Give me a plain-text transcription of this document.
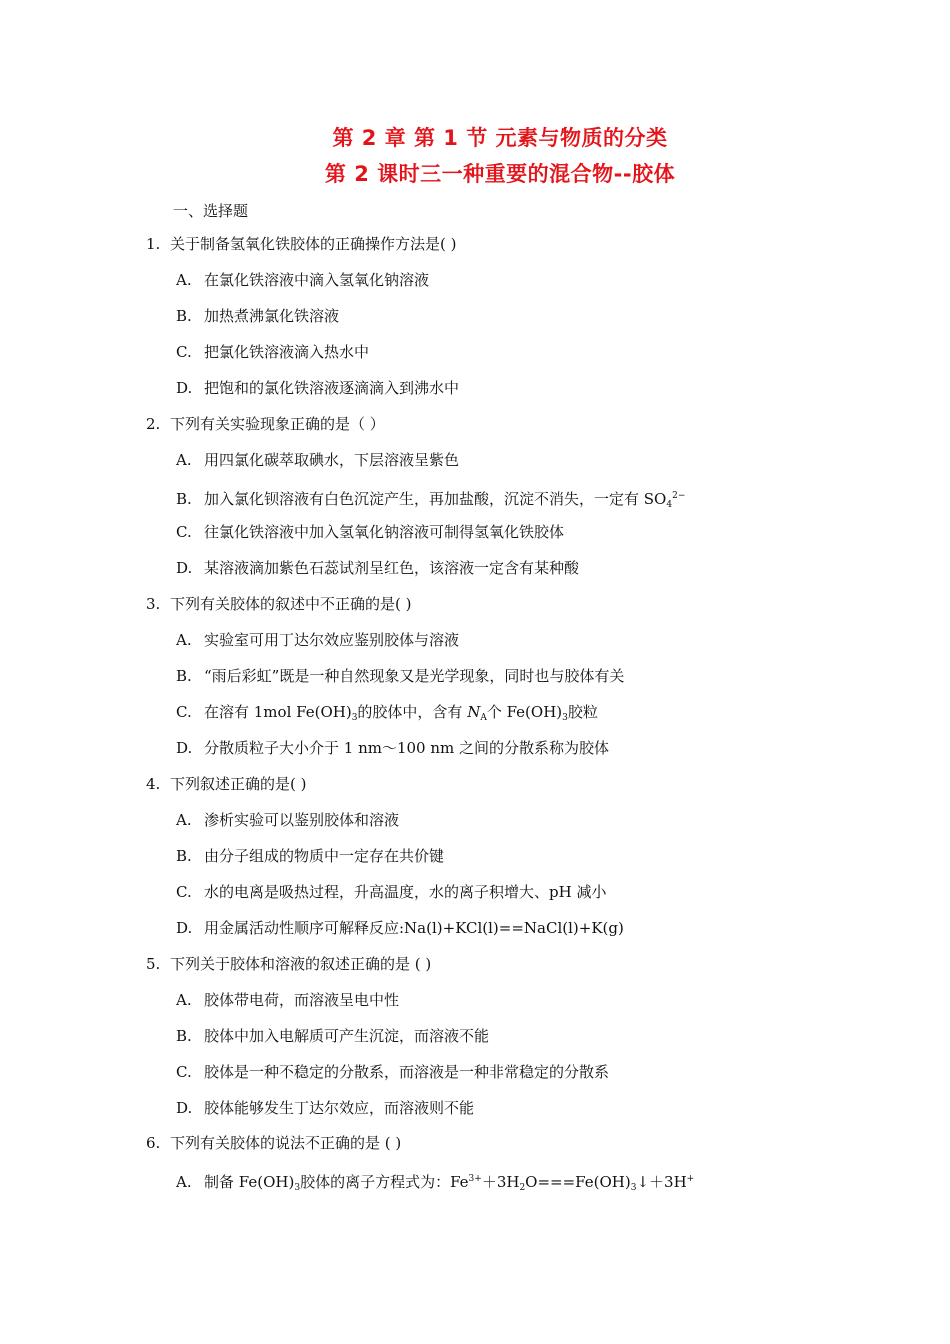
第 2 章 第 1 节 元素与物质的分类
第 2 课时三一种重要的混合物--胶体
一、选择题
1. 关于制备氢氧化铁胶体的正确操作方法是( )
A. 在氯化铁溶液中滴入氢氧化钠溶液
B. 加热煮沸氯化铁溶液
C. 把氯化铁溶液滴入热水中
D. 把饱和的氯化铁溶液逐滴滴入到沸水中
2. 下列有关实验现象正确的是（ ）
A. 用四氯化碳萃取碘水，下层溶液呈紫色
B. 加入氯化钡溶液有白色沉淀产生，再加盐酸，沉淀不消失，一定有 $SO_4^{2-}$
C. 往氯化铁溶液中加入氢氧化钠溶液可制得氢氧化铁胶体
D. 某溶液滴加紫色石蕊试剂呈红色，该溶液一定含有某种酸
3. 下列有关胶体的叙述中不正确的是( )
A. 实验室可用丁达尔效应鉴别胶体与溶液
B. “雨后彩虹”既是一种自然现象又是光学现象，同时也与胶体有关
C. 在溶有 1mol $Fe(OH)_3$的胶体中，含有 $N_A$个 $Fe(OH)_3$胶粒
D. 分散质粒子大小介于 1 nm～100 nm 之间的分散系称为胶体
4. 下列叙述正确的是( )
A. 渗析实验可以鉴别胶体和溶液
B. 由分子组成的物质中一定存在共价键
C. 水的电离是吸热过程，升高温度，水的离子积增大、pH 减小
D. 用金属活动性顺序可解释反应:Na(l)+KCl(l)==NaCl(l)+K(g)
5. 下列关于胶体和溶液的叙述正确的是 ( )
A. 胶体带电荷，而溶液呈电中性
B. 胶体中加入电解质可产生沉淀，而溶液不能
C. 胶体是一种不稳定的分散系，而溶液是一种非常稳定的分散系
D. 胶体能够发生丁达尔效应，而溶液则不能
6. 下列有关胶体的说法不正确的是 ( )
A. 制备 $Fe(OH)_3$胶体的离子方程式为：$Fe^{3+}+3H_2O===Fe(OH)_3↓+3H^+$
